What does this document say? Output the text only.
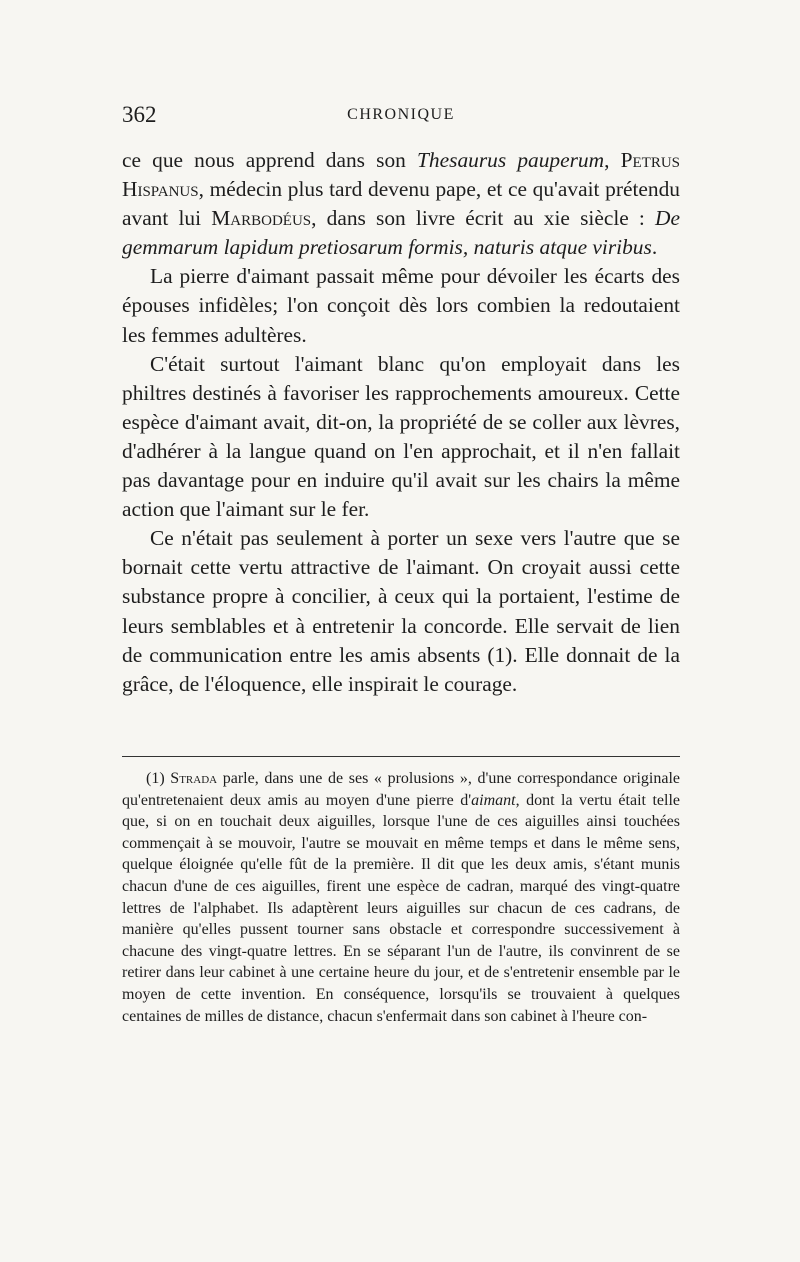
362	CHRONIQUE

ce que nous apprend dans son Thesaurus pauperum, Petrus Hispanus, médecin plus tard devenu pape, et ce qu'avait prétendu avant lui Marbodéus, dans son livre écrit au xie siècle : De gemmarum lapidum pretiosarum formis, naturis atque viribus.

La pierre d'aimant passait même pour dévoiler les écarts des épouses infidèles; l'on conçoit dès lors combien la redoutaient les femmes adultères.

C'était surtout l'aimant blanc qu'on employait dans les philtres destinés à favoriser les rapprochements amoureux. Cette espèce d'aimant avait, dit-on, la propriété de se coller aux lèvres, d'adhérer à la langue quand on l'en approchait, et il n'en fallait pas davantage pour en induire qu'il avait sur les chairs la même action que l'aimant sur le fer.

Ce n'était pas seulement à porter un sexe vers l'autre que se bornait cette vertu attractive de l'aimant. On croyait aussi cette substance propre à concilier, à ceux qui la portaient, l'estime de leurs semblables et à entretenir la concorde. Elle servait de lien de communication entre les amis absents (1). Elle donnait de la grâce, de l'éloquence, elle inspirait le courage.

(1) Strada parle, dans une de ses « prolusions », d'une correspondance originale qu'entretenaient deux amis au moyen d'une pierre d'aimant, dont la vertu était telle que, si on en touchait deux aiguilles, lorsque l'une de ces aiguilles ainsi touchées commençait à se mouvoir, l'autre se mouvait en même temps et dans le même sens, quelque éloignée qu'elle fût de la première. Il dit que les deux amis, s'étant munis chacun d'une de ces aiguilles, firent une espèce de cadran, marqué des vingt-quatre lettres de l'alphabet. Ils adaptèrent leurs aiguilles sur chacun de ces cadrans, de manière qu'elles pussent tourner sans obstacle et correspondre successivement à chacune des vingt-quatre lettres. En se séparant l'un de l'autre, ils convinrent de se retirer dans leur cabinet à une certaine heure du jour, et de s'entretenir ensemble par le moyen de cette invention. En conséquence, lorsqu'ils se trouvaient à quelques centaines de milles de distance, chacun s'enfermait dans son cabinet à l'heure con-
